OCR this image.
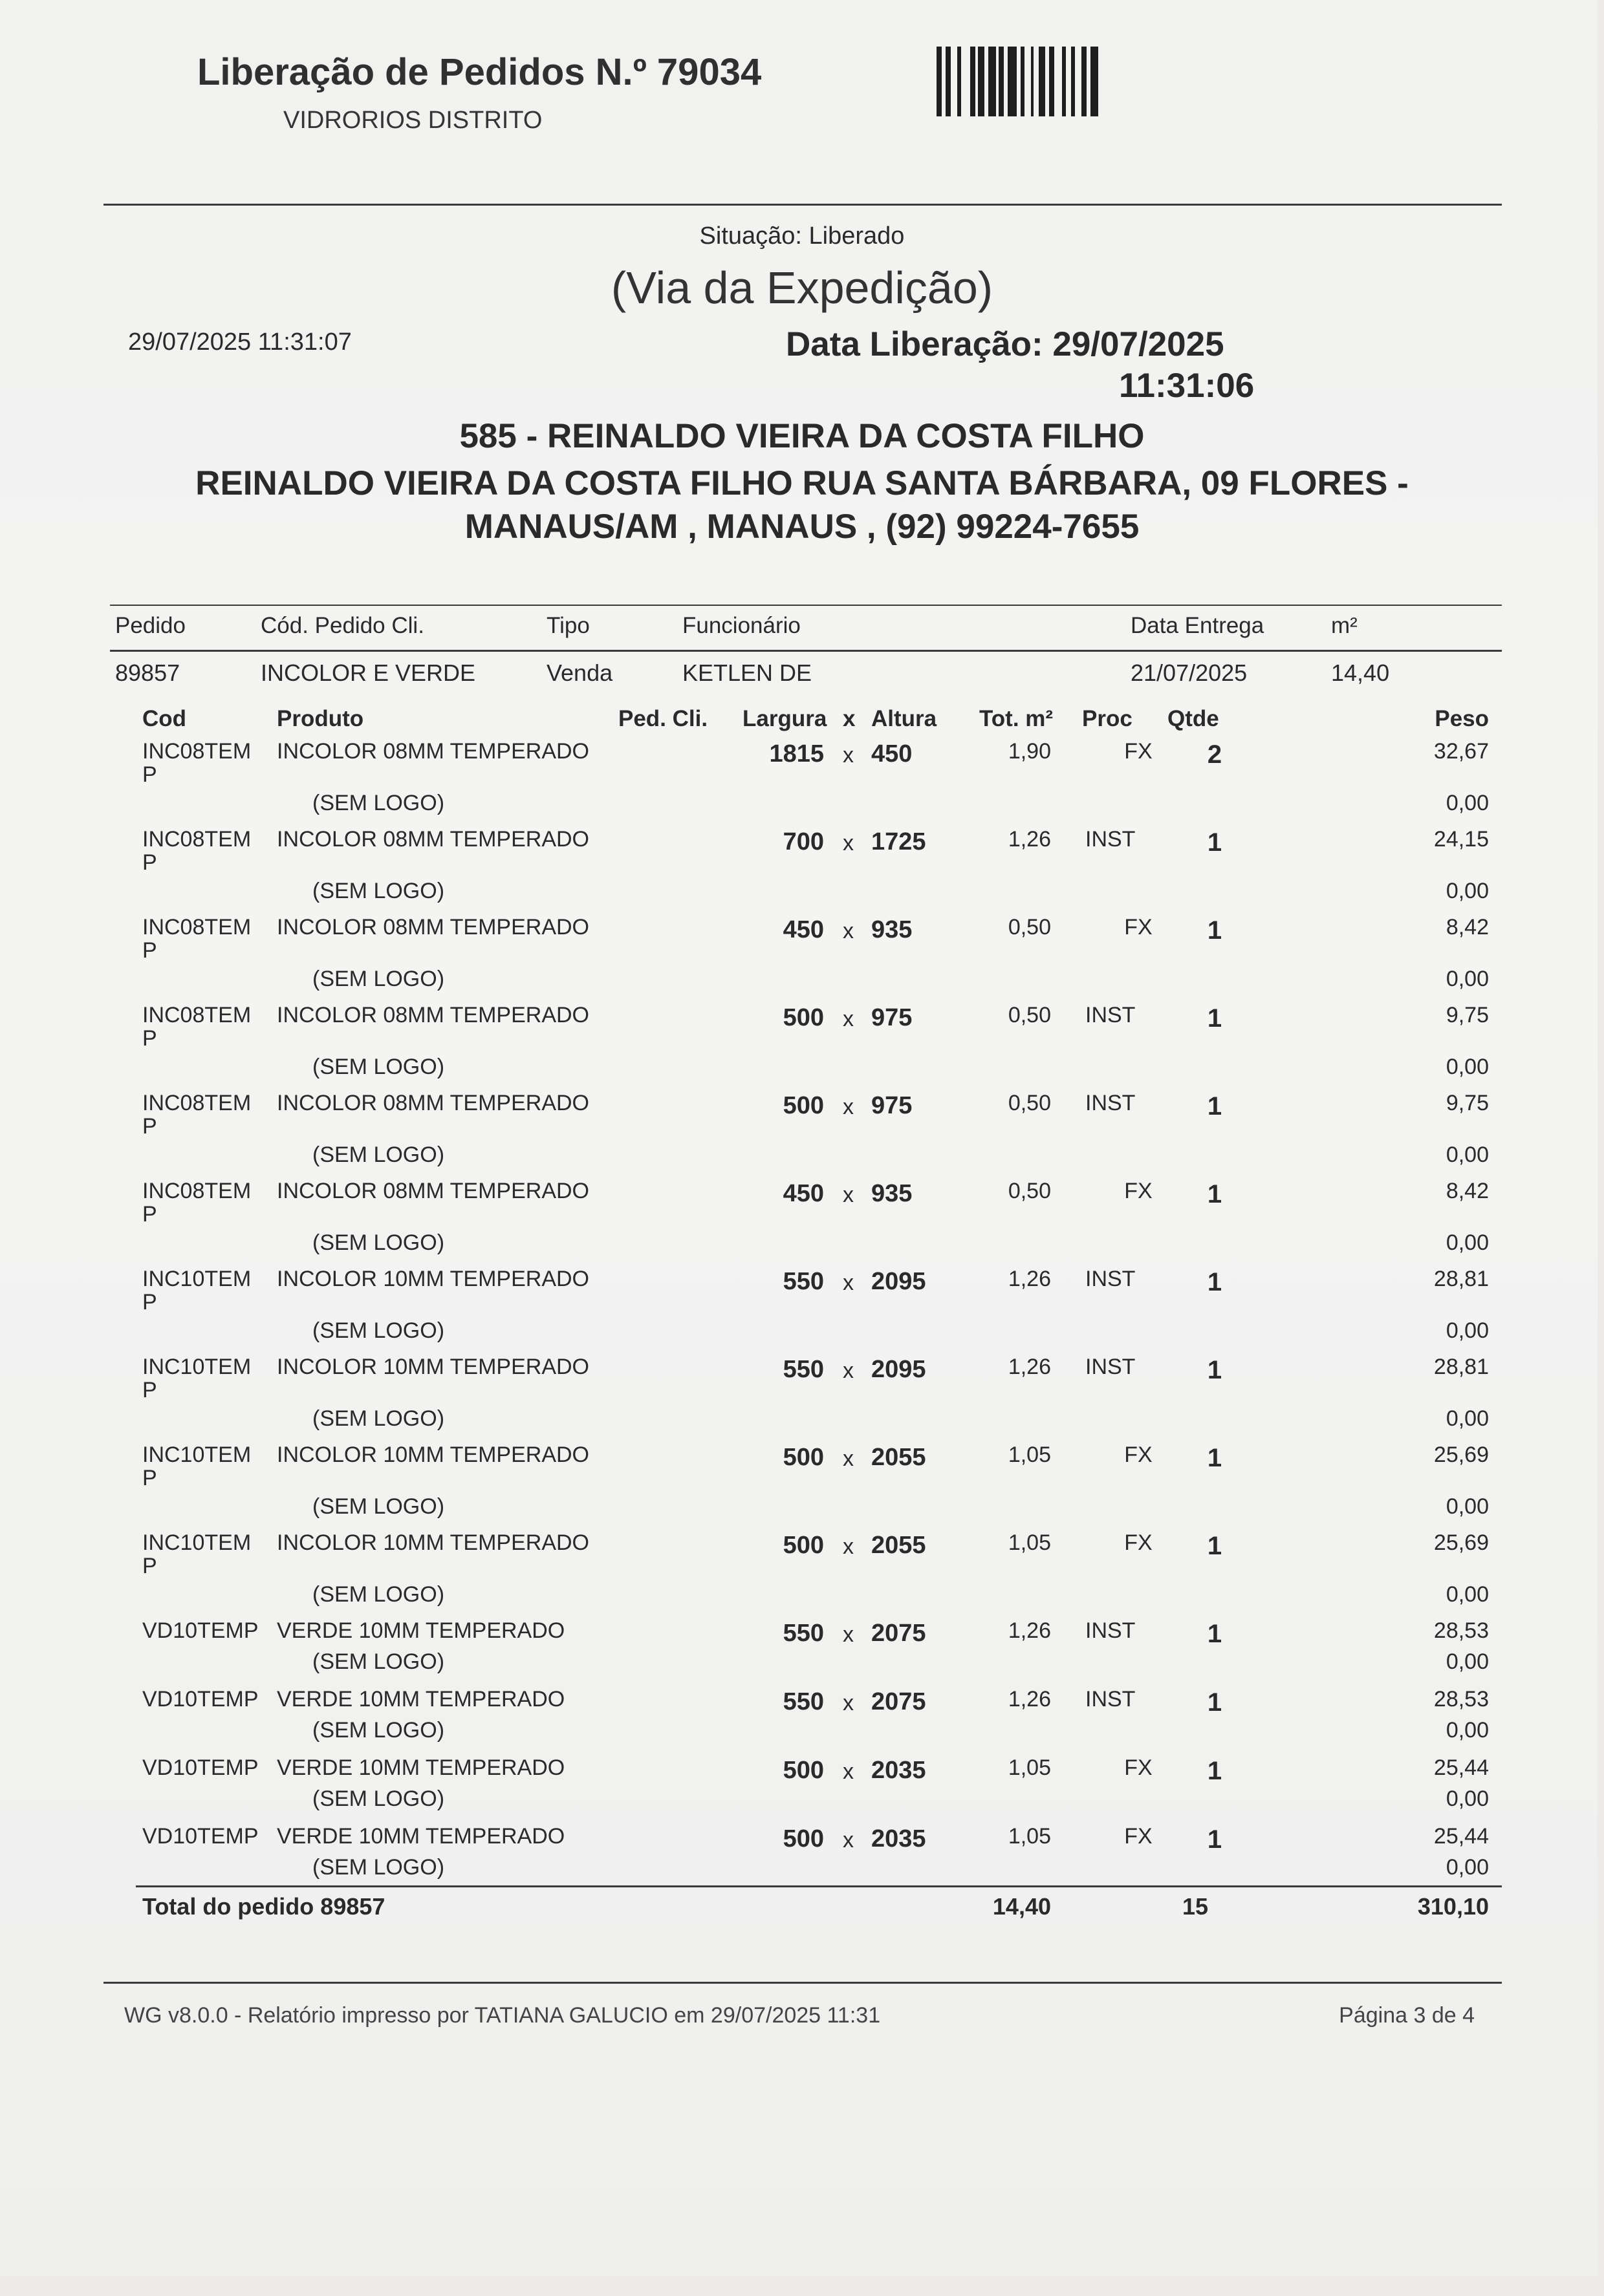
Liberação de Pedidos N.º 79034
VIDRORIOS DISTRITO
Situação: Liberado
(Via da Expedição)
29/07/2025 11:31:07	Data Liberação: 29/07/2025
11:31:06
585 - REINALDO VIEIRA DA COSTA FILHO
REINALDO VIEIRA DA COSTA FILHO RUA SANTA BÁRBARA, 09 FLORES -
MANAUS/AM , MANAUS , (92) 99224-7655
Pedido	Cód. Pedido Cli.	Tipo	Funcionário	Data Entrega	m²
89857	INCOLOR E VERDE	Venda	KETLEN DE	21/07/2025	14,40
Cod	Produto	Ped. Cli. Largura x Altura Tot. m² Proc Qtde	Peso
INC08TEM
P
INCOLOR 08MM TEMPERADO	1815 x 450	1,90	FX 2	32,67
(SEM LOGO)	0,00
INC08TEM
P
INCOLOR 08MM TEMPERADO	700 x 1725	1,26 INST	1	24,15
(SEM LOGO)	0,00
INC08TEM
P
INCOLOR 08MM TEMPERADO	450 x 935	0,50	FX 1	8,42
(SEM LOGO)	0,00
INC08TEM
P
INCOLOR 08MM TEMPERADO	500 x 975	0,50 INST	1	9,75
(SEM LOGO)	0,00
INC08TEM
P
INCOLOR 08MM TEMPERADO	500 x 975	0,50 INST	1	9,75
(SEM LOGO)	0,00
INC08TEM
P
INCOLOR 08MM TEMPERADO	450 x 935	0,50	FX 1	8,42
(SEM LOGO)	0,00
INC10TEM
P
INCOLOR 10MM TEMPERADO	550 x 2095	1,26 INST	1	28,81
(SEM LOGO)	0,00
INC10TEM
P
INCOLOR 10MM TEMPERADO	550 x 2095	1,26 INST	1	28,81
(SEM LOGO)	0,00
INC10TEM
P
INCOLOR 10MM TEMPERADO	500 x 2055	1,05	FX 1	25,69
(SEM LOGO)	0,00
INC10TEM
P
INCOLOR 10MM TEMPERADO	500 x 2055	1,05	FX 1	25,69
(SEM LOGO)	0,00
VD10TEMP VERDE 10MM TEMPERADO	550 x 2075	1,26 INST	1	28,53
(SEM LOGO)	0,00
VD10TEMP VERDE 10MM TEMPERADO	550 x 2075	1,26 INST	1	28,53
(SEM LOGO)	0,00
VD10TEMP VERDE 10MM TEMPERADO	500 x 2035	1,05	FX 1	25,44
(SEM LOGO)	0,00
VD10TEMP VERDE 10MM TEMPERADO	500 x 2035	1,05	FX 1	25,44
(SEM LOGO)	0,00
Total do pedido 89857	14,40	15	310,10
WG v8.0.0 - Relatório impresso por TATIANA GALUCIO em 29/07/2025 11:31	Página 3 de 4
